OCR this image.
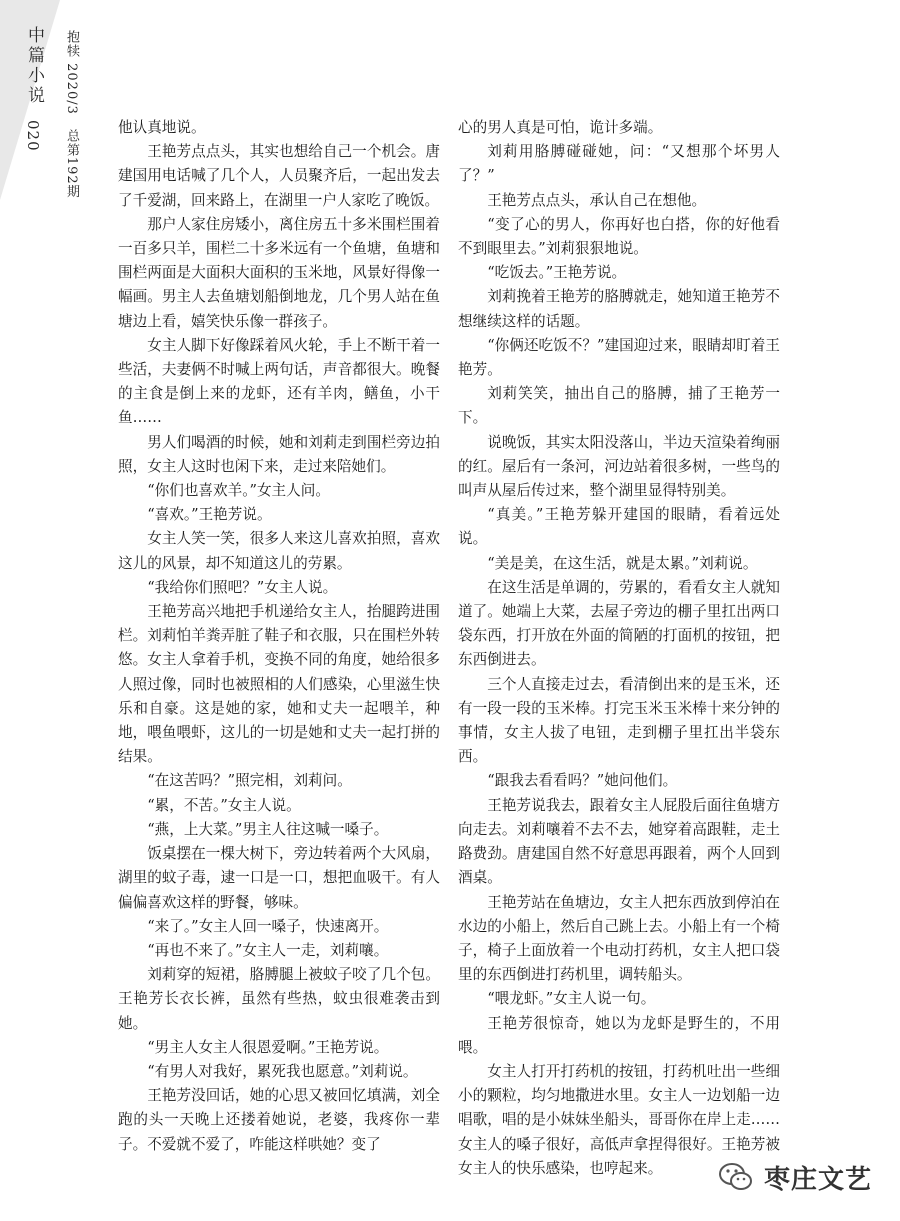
中篇小说
020 抱犊 2020/3　总第192期	他认真地说。

王艳芳点点头，其实也想给自己一个机会。唐建国用电话喊了几个人，人员聚齐后，一起出发去了千爱湖，回来路上，在湖里一户人家吃了晚饭。

那户人家住房矮小，离住房五十多米围栏围着一百多只羊，围栏二十多米远有一个鱼塘，鱼塘和围栏两面是大面积大面积的玉米地，风景好得像一幅画。男主人去鱼塘划船倒地龙，几个男人站在鱼塘边上看，嬉笑快乐像一群孩子。

女主人脚下好像踩着风火轮，手上不断干着一些活，夫妻俩不时喊上两句话，声音都很大。晚餐的主食是倒上来的龙虾，还有羊肉，鳝鱼，小干鱼……

男人们喝酒的时候，她和刘莉走到围栏旁边拍照，女主人这时也闲下来，走过来陪她们。

“你们也喜欢羊。”女主人问。

“喜欢。”王艳芳说。

女主人笑一笑，很多人来这儿喜欢拍照，喜欢这儿的风景，却不知道这儿的劳累。

“我给你们照吧？”女主人说。

王艳芳高兴地把手机递给女主人，抬腿跨进围栏。刘莉怕羊粪弄脏了鞋子和衣服，只在围栏外转悠。女主人拿着手机，变换不同的角度，她给很多人照过像，同时也被照相的人们感染，心里滋生快乐和自豪。这是她的家，她和丈夫一起喂羊，种地，喂鱼喂虾，这儿的一切是她和丈夫一起打拼的结果。

“在这苦吗？”照完相，刘莉问。

“累，不苦。”女主人说。

“燕，上大菜。”男主人往这喊一嗓子。

饭桌摆在一棵大树下，旁边转着两个大风扇，湖里的蚊子毒，逮一口是一口，想把血吸干。有人偏偏喜欢这样的野餐，够味。

“来了。”女主人回一嗓子，快速离开。

“再也不来了。”女主人一走，刘莉嚷。

刘莉穿的短裙，胳膊腿上被蚊子咬了几个包。王艳芳长衣长裤，虽然有些热，蚊虫很难袭击到她。

“男主人女主人很恩爱啊。”王艳芳说。

“有男人对我好，累死我也愿意。”刘莉说。

王艳芳没回话，她的心思又被回忆填满，刘全跑的头一天晚上还搂着她说，老婆，我疼你一辈子。不爱就不爱了，咋能这样哄她？变了

心的男人真是可怕，诡计多端。

刘莉用胳膊碰碰她，问：“又想那个坏男人了？”

王艳芳点点头，承认自己在想他。

“变了心的男人，你再好也白搭，你的好他看不到眼里去。”刘莉狠狠地说。

“吃饭去。”王艳芳说。

刘莉挽着王艳芳的胳膊就走，她知道王艳芳不想继续这样的话题。

“你俩还吃饭不？”建国迎过来，眼睛却盯着王艳芳。

刘莉笑笑，抽出自己的胳膊，捕了王艳芳一下。

说晚饭，其实太阳没落山，半边天渲染着绚丽的红。屋后有一条河，河边站着很多树，一些鸟的叫声从屋后传过来，整个湖里显得特别美。

“真美。”王艳芳躲开建国的眼睛，看着远处说。

“美是美，在这生活，就是太累。”刘莉说。

在这生活是单调的，劳累的，看看女主人就知道了。她端上大菜，去屋子旁边的棚子里扛出两口袋东西，打开放在外面的简陋的打面机的按钮，把东西倒进去。

三个人直接走过去，看清倒出来的是玉米，还有一段一段的玉米棒。打完玉米玉米棒十来分钟的事情，女主人拔了电钮，走到棚子里扛出半袋东西。

“跟我去看看吗？”她问他们。

王艳芳说我去，跟着女主人屁股后面往鱼塘方向走去。刘莉嚷着不去不去，她穿着高跟鞋，走土路费劲。唐建国自然不好意思再跟着，两个人回到酒桌。

王艳芳站在鱼塘边，女主人把东西放到停泊在水边的小船上，然后自己跳上去。小船上有一个椅子，椅子上面放着一个电动打药机，女主人把口袋里的东西倒进打药机里，调转船头。

“喂龙虾。”女主人说一句。

王艳芳很惊奇，她以为龙虾是野生的，不用喂。

女主人打开打药机的按钮，打药机吐出一些细小的颗粒，均匀地撒进水里。女主人一边划船一边唱歌，唱的是小妹妹坐船头，哥哥你在岸上走……女主人的嗓子很好，高低声拿捏得很好。王艳芳被女主人的快乐感染，也哼起来。	枣庄文艺
